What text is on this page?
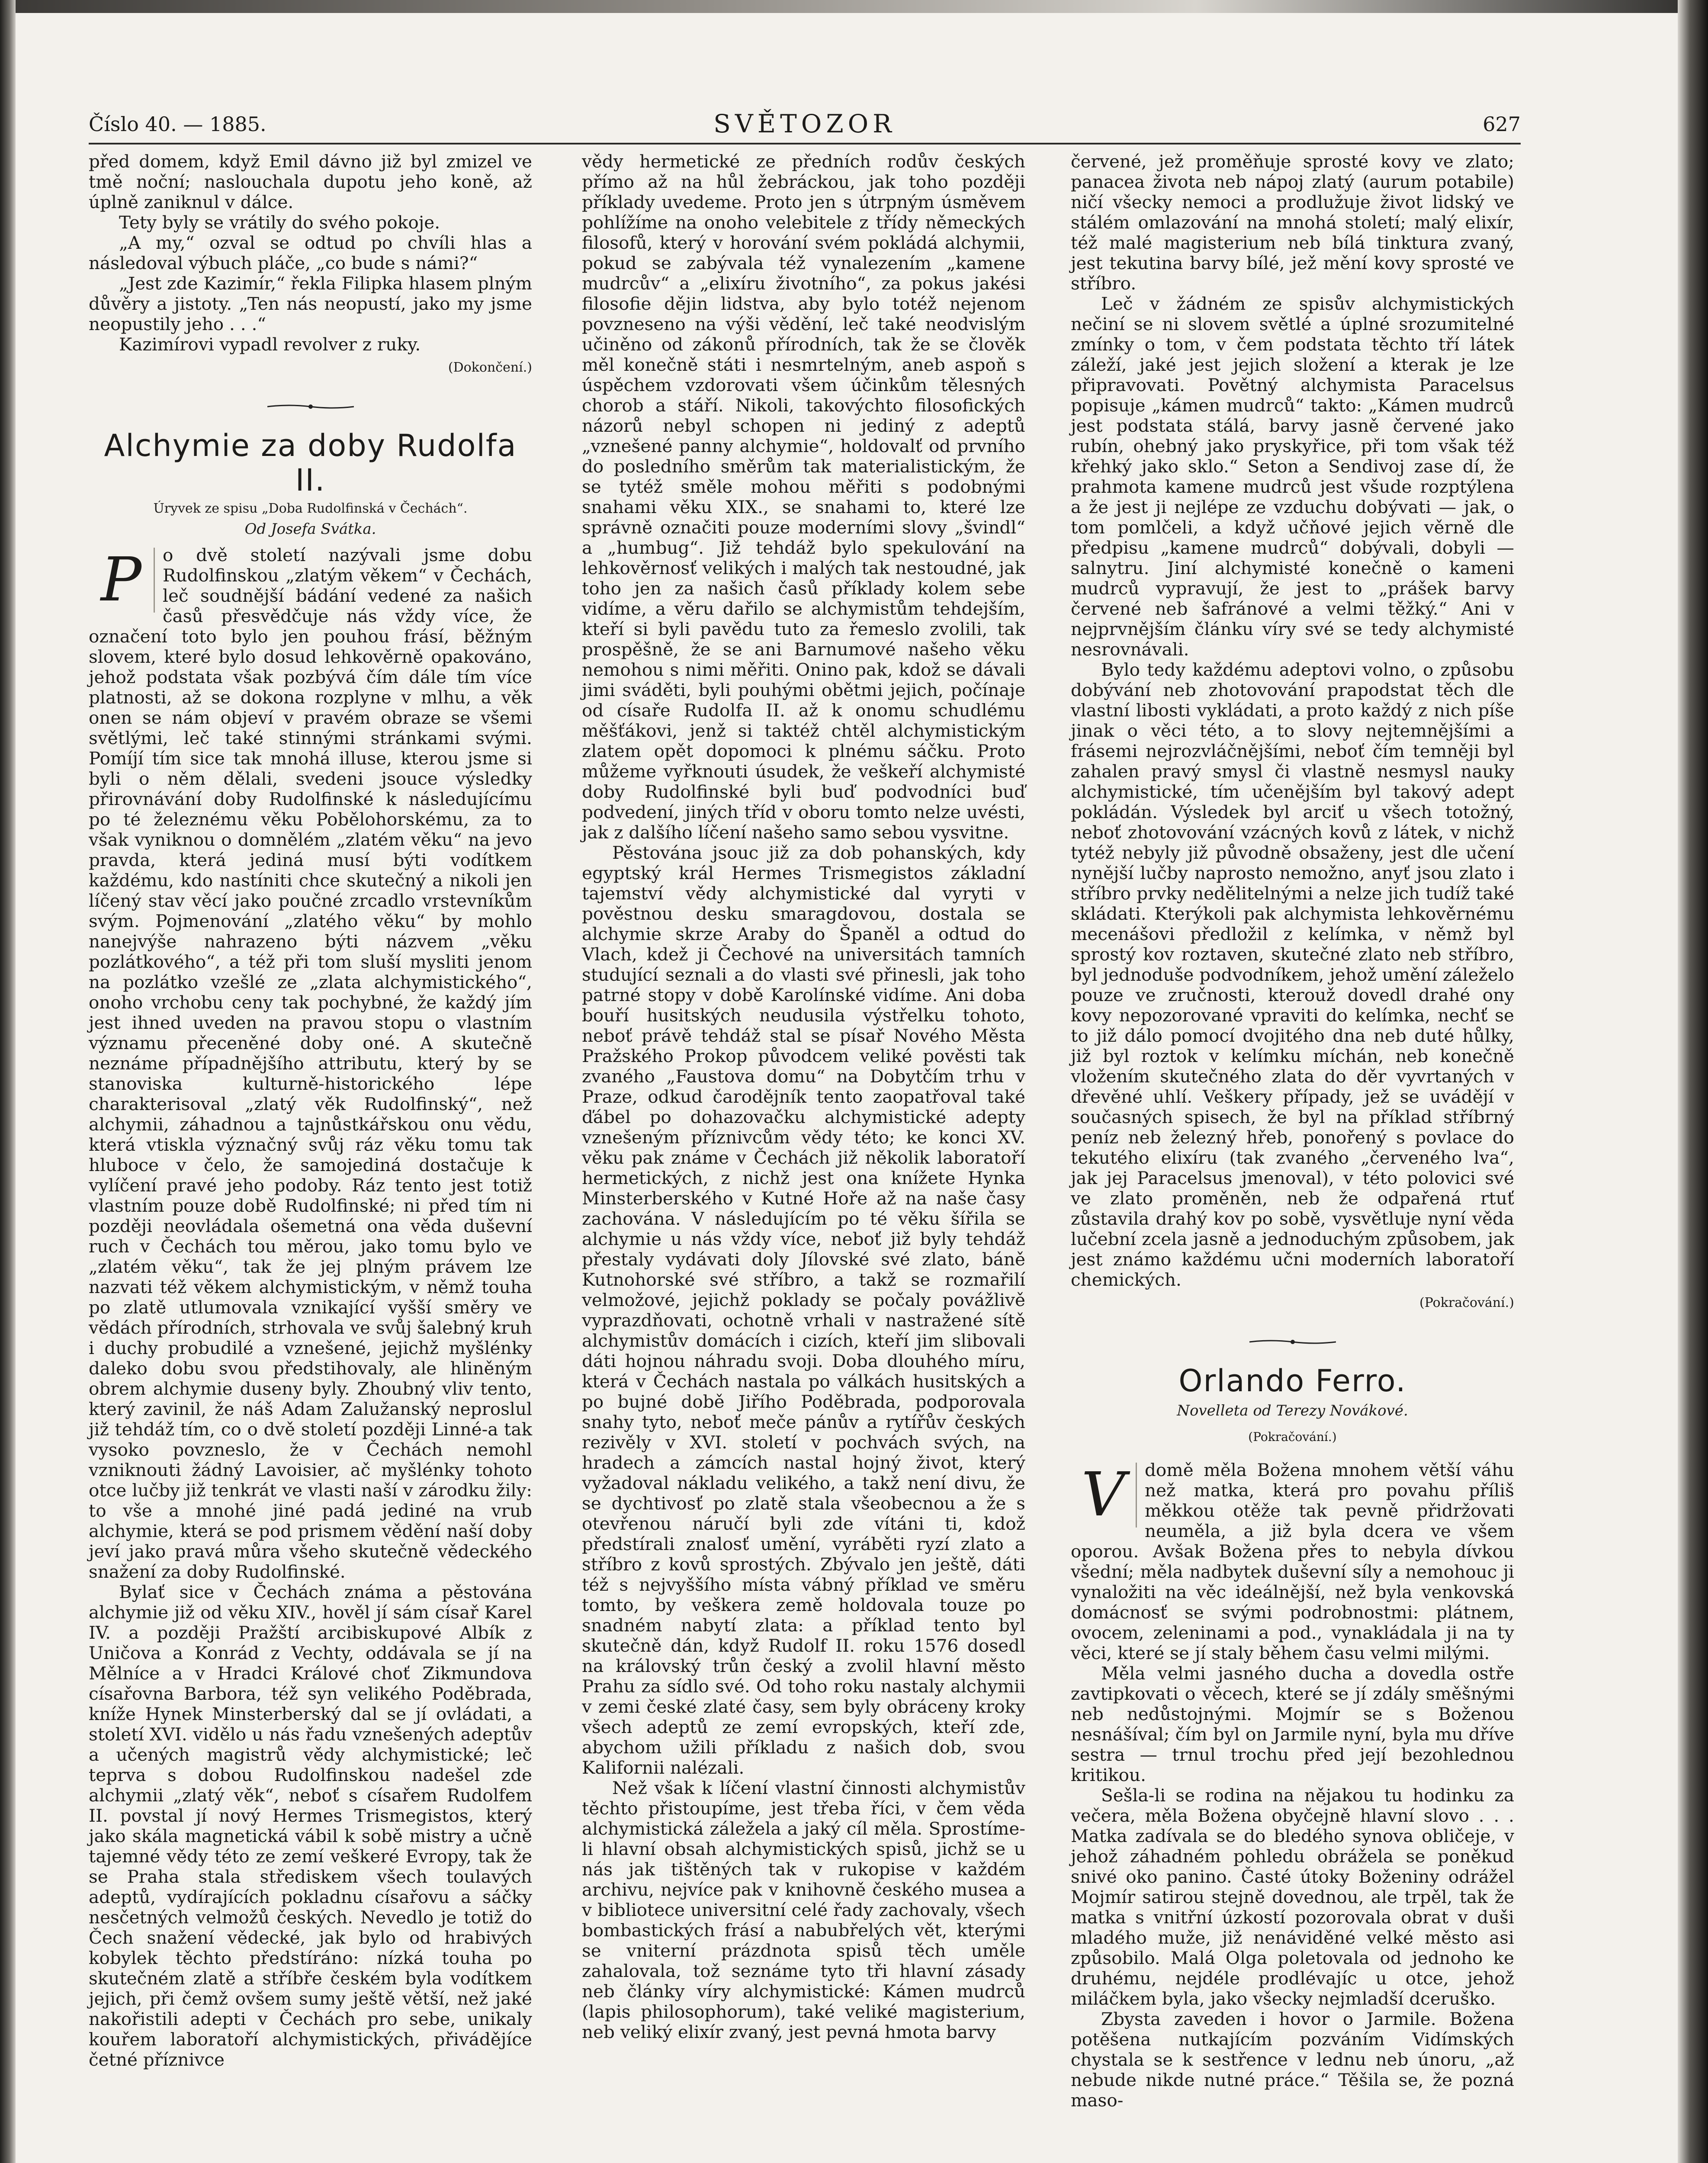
Číslo 40. — 1885.	SVĚTOZOR	627

před domem, když Emil dávno již byl zmizel ve tmě noční; naslouchala dupotu jeho koně, až úplně zaniknul v dálce.

Tety byly se vrátily do svého pokoje.

„A my,“ ozval se odtud po chvíli hlas a následoval výbuch pláče, „co bude s námi?“

„Jest zde Kazimír,“ řekla Filipka hlasem plným důvěry a jistoty. „Ten nás neopustí, jako my jsme neopustily jeho . . .“

Kazimírovi vypadl revolver z ruky.

(Dokončení.)
Alchymie za doby Rudolfa II.
Úryvek ze spisu „Doba Rudolfinská v Čechách“.
Od Josefa Svátka.
P	o dvě století nazývali jsme dobu Rudolfinskou „zlatým věkem“ v Čechách, leč soudnější bádání vedené za našich časů přesvědčuje nás vždy více, že označení toto bylo jen pouhou frásí, běžným slovem, které bylo dosud lehkověrně opakováno, jehož podstata však pozbývá čím dále tím více platnosti, až se dokona rozplyne v mlhu, a věk onen se nám objeví v pravém obraze se všemi světlými, leč také stinnými stránkami svými. Pomíjí tím sice tak mnohá illuse, kterou jsme si byli o něm dělali, svedeni jsouce výsledky přirovnávání doby Rudolfinské k následujícímu po té železnému věku Pobělohorskému, za to však vyniknou o domnělém „zlatém věku“ na jevo pravda, která jediná musí býti vodítkem každému, kdo nastíniti chce skutečný a nikoli jen líčený stav věcí jako poučné zrcadlo vrstevníkům svým. Pojmenování „zlatého věku“ by mohlo nanejvýše nahrazeno býti názvem „věku pozlátkového“, a též při tom sluší mysliti jenom na pozlátko vzešlé ze „zlata alchymistického“, onoho vrchobu ceny tak pochybné, že každý jím jest ihned uveden na pravou stopu o vlastním významu přeceněné doby oné. A skutečně neznáme případnějšího attributu, který by se stanoviska kulturně-historického lépe charakterisoval „zlatý věk Rudolfinský“, než alchymii, záhadnou a tajnůstkářskou onu vědu, která vtiskla význačný svůj ráz věku tomu tak hluboce v čelo, že samojediná dostačuje k vylíčení pravé jeho podoby. Ráz tento jest totiž vlastním pouze době Rudolfinské; ni před tím ni později neovládala ošemetná ona věda duševní ruch v Čechách tou měrou, jako tomu bylo ve „zlatém věku“, tak že jej plným právem lze nazvati též věkem alchymistickým, v němž touha po zlatě utlumovala vznikající vyšší směry ve vědách přírodních, strhovala ve svůj šalebný kruh i duchy probudilé a vznešené, jejichž myšlénky daleko dobu svou předstihovaly, ale hliněným obrem alchymie duseny byly. Zhoubný vliv tento, který zavinil, že náš Adam Zalužanský neproslul již tehdáž tím, co o dvě století později Linné-a tak vysoko povzneslo, že v Čechách nemohl vzniknouti žádný Lavoisier, ač myšlénky tohoto otce lučby již tenkrát ve vlasti naší v zárodku žily: to vše a mnohé jiné padá jediné na vrub alchymie, která se pod prismem vědění naší doby jeví jako pravá můra všeho skutečně vědeckého snažení za doby Rudolfinské.

Bylať sice v Čechách známa a pěstována alchymie již od věku XIV., hověl jí sám císař Karel IV. a později Pražští arcibiskupové Albík z Uničova a Konrád z Vechty, oddávala se jí na Mělníce a v Hradci Králové choť Zikmundova císařovna Barbora, též syn velikého Poděbrada, kníže Hynek Minsterberský dal se jí ovládati, a století XVI. vidělo u nás řadu vznešených adeptův a učených magistrů vědy alchymistické; leč teprva s dobou Rudolfinskou nadešel zde alchymii „zlatý věk“, neboť s císařem Rudolfem II. povstal jí nový Hermes Trismegistos, který jako skála magnetická vábil k sobě mistry a učně tajemné vědy této ze zemí veškeré Evropy, tak že se Praha stala střediskem všech toulavých adeptů, vydírajících pokladnu císařovu a sáčky nesčetných velmožů českých. Nevedlo je totiž do Čech snažení vědecké, jak bylo od hrabivých kobylek těchto předstíráno: nízká touha po skutečném zlatě a stříbře českém byla vodítkem jejich, při čemž ovšem sumy ještě větší, než jaké nakořistili adepti v Čechách pro sebe, unikaly kouřem laboratoří alchymistických, přivádějíce četné příznivce

vědy hermetické ze předních rodův českých přímo až na hůl žebráckou, jak toho později příklady uvedeme. Proto jen s útrpným úsměvem pohlížíme na onoho velebitele z třídy německých filosofů, který v horování svém pokládá alchymii, pokud se zabývala též vynalezením „kamene mudrcův“ a „elixíru životního“, za pokus jakési filosofie dějin lidstva, aby bylo totéž nejenom povzneseno na výši vědění, leč také neodvislým učiněno od zákonů přírodních, tak že se člověk měl konečně státi i nesmrtelným, aneb aspoň s úspěchem vzdorovati všem účinkům tělesných chorob a stáří. Nikoli, takovýchto filosofických názorů nebyl schopen ni jediný z adeptů „vznešené panny alchymie“, holdovalť od prvního do posledního směrům tak materialistickým, že se tytéž směle mohou měřiti s podobnými snahami věku XIX., se snahami to, které lze správně označiti pouze moderními slovy „švindl“ a „humbug“. Již tehdáž bylo spekulování na lehkověrnosť velikých i malých tak nestoudné, jak toho jen za našich časů příklady kolem sebe vidíme, a věru dařilo se alchymistům tehdejším, kteří si byli pavědu tuto za řemeslo zvolili, tak prospěšně, že se ani Barnumové našeho věku nemohou s nimi měřiti. Onino pak, kdož se dávali jimi sváděti, byli pouhými obětmi jejich, počínaje od císaře Rudolfa II. až k onomu schudlému měšťákovi, jenž si taktéž chtěl alchymistickým zlatem opět dopomoci k plnému sáčku. Proto můžeme vyřknouti úsudek, že veškeří alchymisté doby Rudolfinské byli buď podvodníci buď podvedení, jiných tříd v oboru tomto nelze uvésti, jak z dalšího líčení našeho samo sebou vysvitne.

Pěstována jsouc již za dob pohanských, kdy egyptský král Hermes Trismegistos základní tajemství vědy alchymistické dal vyryti v pověstnou desku smaragdovou, dostala se alchymie skrze Araby do Španěl a odtud do Vlach, kdež ji Čechové na universitách tamních studující seznali a do vlasti své přinesli, jak toho patrné stopy v době Karolínské vidíme. Ani doba bouří husitských neudusila výstřelku tohoto, neboť právě tehdáž stal se písař Nového Města Pražského Prokop původcem veliké pověsti tak zvaného „Faustova domu“ na Dobytčím trhu v Praze, odkud čarodějník tento zaopatřoval také ďábel po dohazovačku alchymistické adepty vznešeným příznivcům vědy této; ke konci XV. věku pak známe v Čechách již několik laboratoří hermetických, z nichž jest ona knížete Hynka Minsterberského v Kutné Hoře až na naše časy zachována. V následujícím po té věku šířila se alchymie u nás vždy více, neboť již byly tehdáž přestaly vydávati doly Jílovské své zlato, báně Kutnohorské své stříbro, a takž se rozmařilí velmožové, jejichž poklady se počaly povážlivě vyprazdňovati, ochotně vrhali v nastražené sítě alchymistův domácích i cizích, kteří jim slibovali dáti hojnou náhradu svoji. Doba dlouhého míru, která v Čechách nastala po válkách husitských a po bujné době Jiřího Poděbrada, podporovala snahy tyto, neboť meče pánův a rytířův českých rezivěly v XVI. století v pochvách svých, na hradech a zámcích nastal hojný život, který vyžadoval nákladu velikého, a takž není divu, že se dychtivosť po zlatě stala všeobecnou a že s otevřenou náručí byli zde vítáni ti, kdož předstírali znalosť umění, vyráběti ryzí zlato a stříbro z kovů sprostých. Zbývalo jen ještě, dáti též s nejvyššího místa vábný příklad ve směru tomto, by veškera země holdovala touze po snadném nabytí zlata: a příklad tento byl skutečně dán, když Rudolf II. roku 1576 dosedl na královský trůn český a zvolil hlavní město Prahu za sídlo své. Od toho roku nastaly alchymii v zemi české zlaté časy, sem byly obráceny kroky všech adeptů ze zemí evropských, kteří zde, abychom užili příkladu z našich dob, svou Kalifornii nalézali.

Než však k líčení vlastní činnosti alchymistův těchto přistoupíme, jest třeba říci, v čem věda alchymistická záležela a jaký cíl měla. Sprostíme-li hlavní obsah alchymistických spisů, jichž se u nás jak tištěných tak v rukopise v každém archivu, nejvíce pak v knihovně českého musea a v bibliotece universitní celé řady zachovaly, všech bombastických frásí a nabubřelých vět, kterými se vniterní prázdnota spisů těch uměle zahalovala, tož seznáme tyto tři hlavní zásady neb články víry alchymistické: Kámen mudrců (lapis philosophorum), také veliké magisterium, neb veliký elixír zvaný, jest pevná hmota barvy

červené, jež proměňuje sprosté kovy ve zlato; panacea života neb nápoj zlatý (aurum potabile) ničí všecky nemoci a prodlužuje život lidský ve stálém omlazování na mnohá století; malý elixír, též malé magisterium neb bílá tinktura zvaný, jest tekutina barvy bílé, jež mění kovy sprosté ve stříbro.

Leč v žádném ze spisův alchymistických nečiní se ni slovem světlé a úplné srozumitelné zmínky o tom, v čem podstata těchto tří látek záleží, jaké jest jejich složení a kterak je lze připravovati. Povětný alchymista Paracelsus popisuje „kámen mudrců“ takto: „Kámen mudrců jest podstata stálá, barvy jasně červené jako rubín, ohebný jako pryskyřice, při tom však též křehký jako sklo.“ Seton a Sendivoj zase dí, že prahmota kamene mudrců jest všude rozptýlena a že jest ji nejlépe ze vzduchu dobývati — jak, o tom pomlčeli, a když učňové jejich věrně dle předpisu „kamene mudrců“ dobývali, dobyli — salnytru. Jiní alchymisté konečně o kameni mudrců vypravují, že jest to „prášek barvy červené neb šafránové a velmi těžký.“ Ani v nejprvnějším článku víry své se tedy alchymisté nesrovnávali.

Bylo tedy každému adeptovi volno, o způsobu dobývání neb zhotovování prapodstat těch dle vlastní libosti vykládati, a proto každý z nich píše jinak o věci této, a to slovy nejtemnějšími a frásemi nejrozvláčnějšími, neboť čím temněji byl zahalen pravý smysl či vlastně nesmysl nauky alchymistické, tím učenějším byl takový adept pokládán. Výsledek byl arciť u všech totožný, neboť zhotovování vzácných kovů z látek, v nichž tytéž nebyly již původně obsaženy, jest dle učení nynější lučby naprosto nemožno, anyť jsou zlato i stříbro prvky nedělitelnými a nelze jich tudíž také skládati. Kterýkoli pak alchymista lehkověrnému mecenášovi předložil z kelímka, v němž byl sprostý kov roztaven, skutečné zlato neb stříbro, byl jednoduše podvodníkem, jehož umění záleželo pouze ve zručnosti, kterouž dovedl drahé ony kovy nepozorované vpraviti do kelímka, nechť se to již dálo pomocí dvojitého dna neb duté hůlky, již byl roztok v kelímku míchán, neb konečně vložením skutečného zlata do děr vyvrtaných v dřevěné uhlí. Veškery případy, jež se uvádějí v současných spisech, že byl na příklad stříbrný peníz neb železný hřeb, ponořený s povlace do tekutého elixíru (tak zvaného „červeného lva“, jak jej Paracelsus jmenoval), v této polovici své ve zlato proměněn, neb že odpařená rtuť zůstavila drahý kov po sobě, vysvětluje nyní věda lučební zcela jasně a jednoduchým způsobem, jak jest známo každému učni moderních laboratoří chemických.

(Pokračování.)
Orlando Ferro.
Novelleta od Terezy Novákové.
(Pokračování.)
V	domě měla Božena mnohem větší váhu než matka, která pro povahu příliš měkkou otěže tak pevně přidržovati neuměla, a již byla dcera ve všem oporou. Avšak Božena přes to nebyla dívkou všední; měla nadbytek duševní síly a nemohouc ji vynaložiti na věc ideálnější, než byla venkovská domácnosť se svými podrobnostmi: plátnem, ovocem, zeleninami a pod., vynakládala ji na ty věci, které se jí staly během času velmi milými.

Měla velmi jasného ducha a dovedla ostře zavtipkovati o věcech, které se jí zdály směšnými neb nedůstojnými. Mojmír se s Boženou nesnášíval; čím byl on Jarmile nyní, byla mu dříve sestra — trnul trochu před její bezohlednou kritikou.

Sešla-li se rodina na nějakou tu hodinku za večera, měla Božena obyčejně hlavní slovo . . . Matka zadívala se do bledého synova obličeje, v jehož záhadném pohledu obrážela se poněkud snivé oko panino. Časté útoky Boženiny odrážel Mojmír satirou stejně dovednou, ale trpěl, tak že matka s vnitřní úzkostí pozorovala obrat v duši mladého muže, již nenáviděné velké město asi způsobilo. Malá Olga poletovala od jednoho ke druhému, nejdéle prodlévajíc u otce, jehož miláčkem byla, jako všecky nejmladší dceruško.

Zbysta zaveden i hovor o Jarmile. Božena potěšena nutkajícím pozváním Vidímských chystala se k sestřence v lednu neb únoru, „až nebude nikde nutné práce.“ Těšila se, že pozná maso-
